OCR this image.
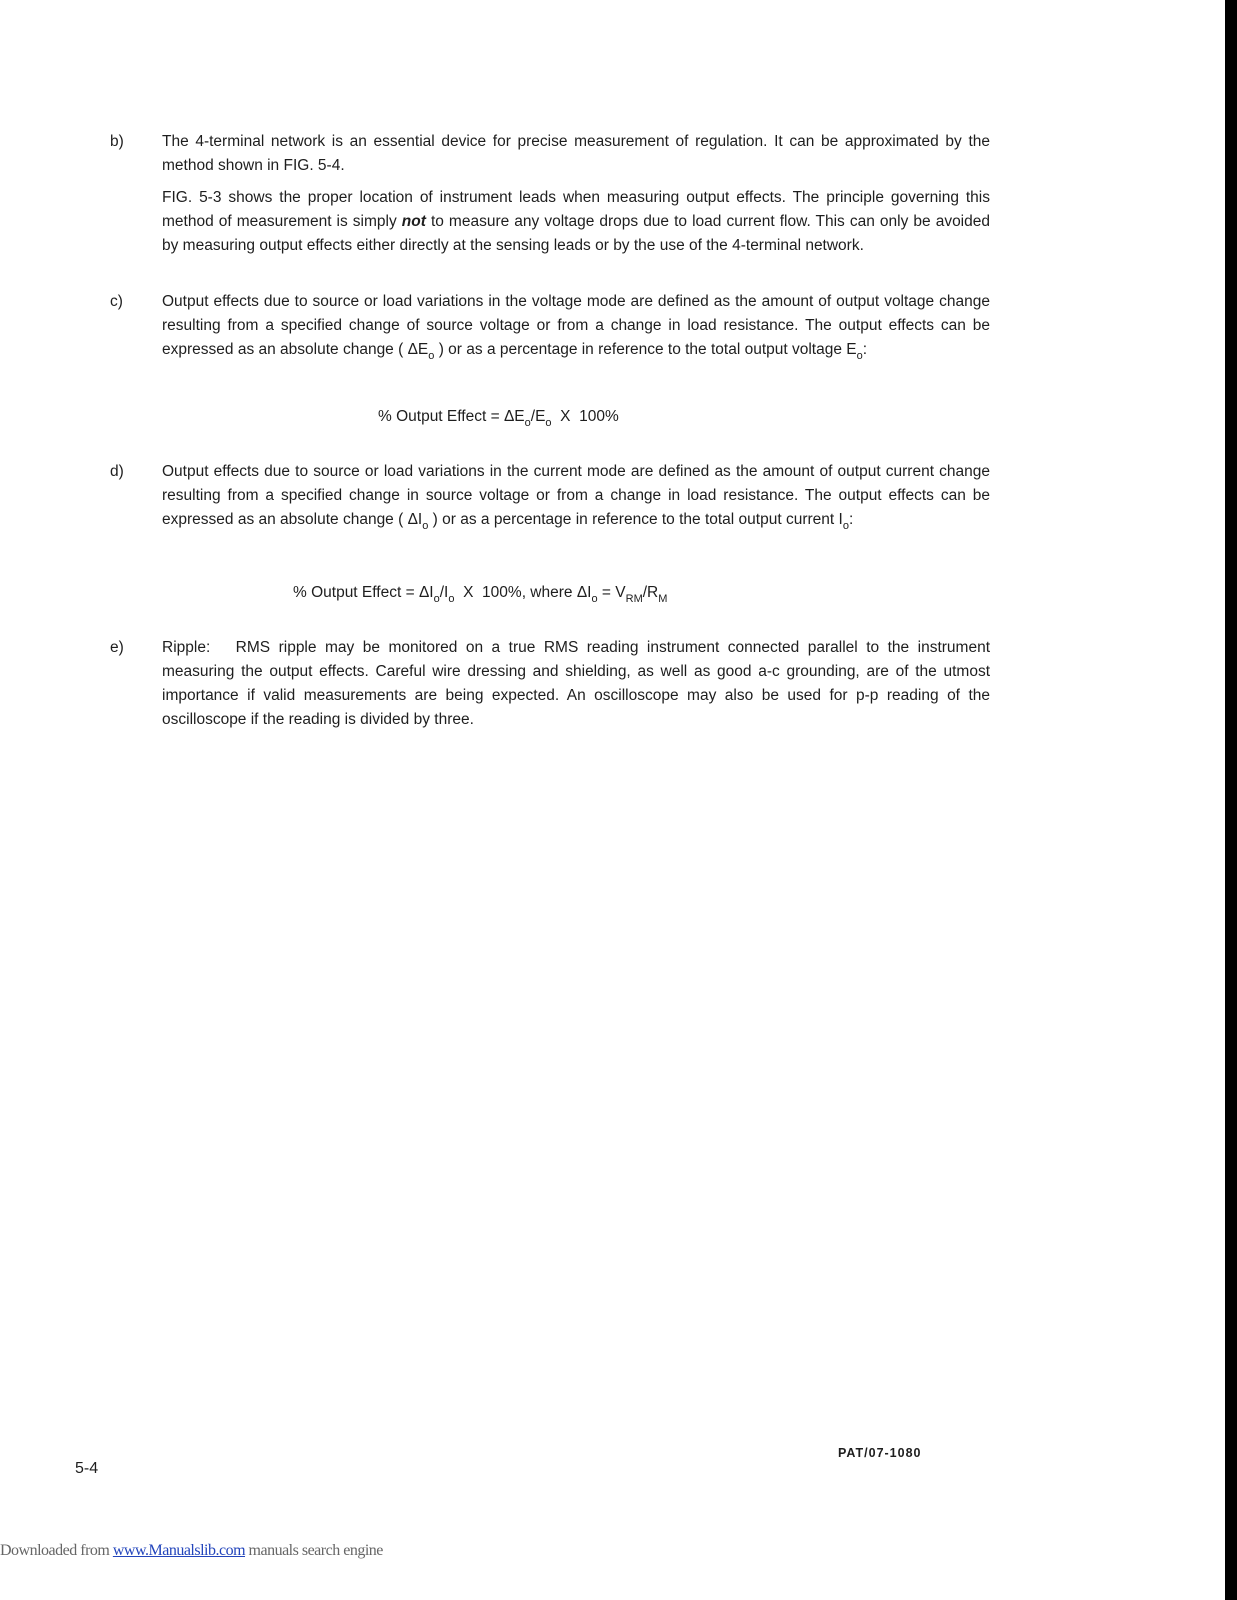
b)	The 4-terminal network is an essential device for precise measurement of regulation. It can be approximated by the method shown in FIG. 5-4.

FIG. 5-3 shows the proper location of instrument leads when measuring output effects. The principle governing this method of measurement is simply not to measure any voltage drops due to load current flow. This can only be avoided by measuring output effects either directly at the sensing leads or by the use of the 4-terminal network.

c)	Output effects due to source or load variations in the voltage mode are defined as the amount of output voltage change resulting from a specified change of source voltage or from a change in load resistance. The output effects can be expressed as an absolute change ( $\Delta E_o$ ) or as a percentage in reference to the total output voltage $E_o$:

% Output Effect = $\Delta E_o/E_o$  X  100%
d)	Output effects due to source or load variations in the current mode are defined as the amount of output current change resulting from a specified change in source voltage or from a change in load resistance. The output effects can be expressed as an absolute change ( $\Delta I_o$ ) or as a percentage in reference to the total output current $I_o$:

% Output Effect = $\Delta I_o/I_o$  X  100%, where $\Delta I_o = V_{RM}/R_M$
e)	Ripple:   RMS ripple may be monitored on a true RMS reading instrument connected parallel to the instrument measuring the output effects. Careful wire dressing and shielding, as well as good a-c grounding, are of the utmost importance if valid measurements are being expected. An oscilloscope may also be used for p-p reading of the oscilloscope if the reading is divided by three.

5-4
PAT/07-1080
Downloaded from www.Manualslib.com manuals search engine
